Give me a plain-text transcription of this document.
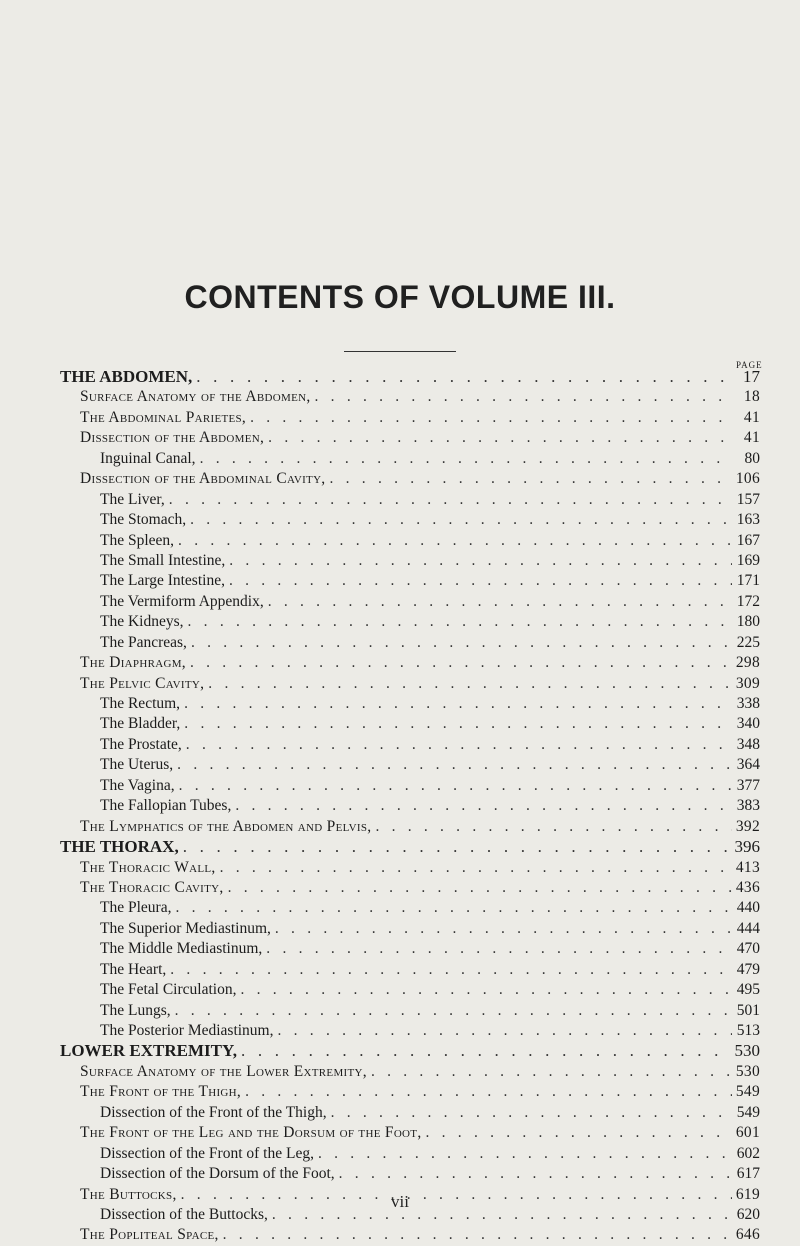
CONTENTS OF VOLUME III.
PAGE
THE ABDOMEN, . . .	17
Surface Anatomy of the Abdomen, . . .	18
The Abdominal Parietes, . . .	41
Dissection of the Abdomen, . . .	41
Inguinal Canal, . . .	80
Dissection of the Abdominal Cavity, . . .	106
The Liver, . . .	157
The Stomach, . . .	163
The Spleen, . . .	167
The Small Intestine, . . .	169
The Large Intestine, . . .	171
The Vermiform Appendix, . . .	172
The Kidneys, . . .	180
The Pancreas, . . .	225
The Diaphragm, . . .	298
The Pelvic Cavity, . . .	309
The Rectum, . . .	338
The Bladder, . . .	340
The Prostate, . . .	348
The Uterus, . . .	364
The Vagina, . . .	377
The Fallopian Tubes, . . .	383
The Lymphatics of the Abdomen and Pelvis, . . .	392
THE THORAX, . . .	396
The Thoracic Wall, . . .	413
The Thoracic Cavity, . . .	436
The Pleura, . . .	440
The Superior Mediastinum, . . .	444
The Middle Mediastinum, . . .	470
The Heart, . . .	479
The Fetal Circulation, . . .	495
The Lungs, . . .	501
The Posterior Mediastinum, . . .	513
LOWER EXTREMITY, . . .	530
Surface Anatomy of the Lower Extremity, . . .	530
The Front of the Thigh, . . .	549
Dissection of the Front of the Thigh, . . .	549
The Front of the Leg and the Dorsum of the Foot, . . .	601
Dissection of the Front of the Leg, . . .	602
Dissection of the Dorsum of the Foot, . . .	617
The Buttocks, . . .	619
Dissection of the Buttocks, . . .	620
The Popliteal Space, . . .	646
vii
